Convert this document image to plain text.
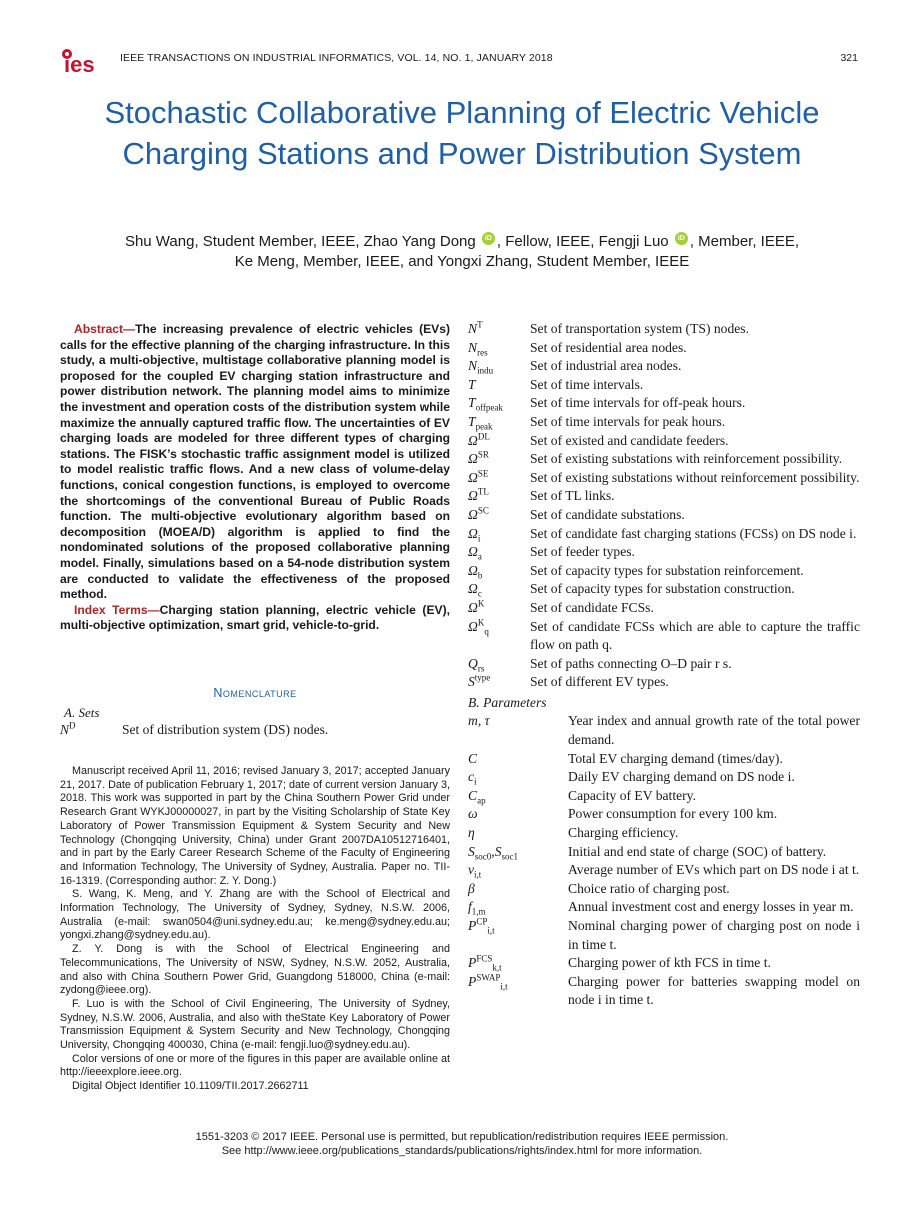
ies IEEE TRANSACTIONS ON INDUSTRIAL INFORMATICS, VOL. 14, NO. 1, JANUARY 2018	321
Stochastic Collaborative Planning of Electric Vehicle Charging Stations and Power Distribution System
Shu Wang, Student Member, IEEE, Zhao Yang Dong iD , Fellow, IEEE, Fengji Luo iD , Member, IEEE,
Ke Meng, Member, IEEE, and Yongxi Zhang, Student Member, IEEE
Abstract—The increasing prevalence of electric vehicles (EVs) calls for the effective planning of the charging infrastructure. In this study, a multi-objective, multistage collaborative planning model is proposed for the coupled EV charging station infrastructure and power distribution network. The planning model aims to minimize the investment and operation costs of the distribution system while maximize the annually captured traffic flow. The uncertainties of EV charging loads are modeled for three different types of charging stations. The FISK’s stochastic traffic assignment model is utilized to model realistic traffic flows. And a new class of volume-delay functions, conical congestion functions, is employed to overcome the shortcomings of the conventional Bureau of Public Roads function. The multi-objective evolutionary algorithm based on decomposition (MOEA/D) algorithm is applied to find the nondominated solutions of the proposed collaborative planning model. Finally, simulations based on a 54-node distribution system are conducted to validate the effectiveness of the proposed method.
Index Terms—Charging station planning, electric vehicle (EV), multi-objective optimization, smart grid, vehicle-to-grid.
Nomenclature
A. Sets
$N^D$	Set of distribution system (DS) nodes.

Manuscript received April 11, 2016; revised January 3, 2017; accepted January 21, 2017. Date of publication February 1, 2017; date of current version January 3, 2018. This work was supported in part by the China Southern Power Grid under Research Grant WYKJ00000027, in part by the Visiting Scholarship of State Key Laboratory of Power Transmission Equipment & System Security and New Technology (Chongqing University, China) under Grant 2007DA10512716401, and in part by the Early Career Research Scheme of the Faculty of Engineering and Information Technology, The University of Sydney, Australia. Paper no. TII-16-1319. (Corresponding author: Z. Y. Dong.)

S. Wang, K. Meng, and Y. Zhang are with the School of Electrical and Information Technology, The University of Sydney, Sydney, N.S.W. 2006, Australia (e-mail: swan0504@uni.sydney.edu.au; ke.meng@sydney.edu.au; yongxi.zhang@sydney.edu.au).

Z. Y. Dong is with the School of Electrical Engineering and Telecommunications, The University of NSW, Sydney, N.S.W. 2052, Australia, and also with China Southern Power Grid, Guangdong 518000, China (e-mail: zydong@ieee.org).

F. Luo is with the School of Civil Engineering, The University of Sydney, Sydney, N.S.W. 2006, Australia, and also with theState Key Laboratory of Power Transmission Equipment & System Security and New Technology, Chongqing University, Chongqing 400030, China (e-mail: fengji.luo@sydney.edu.au).

Color versions of one or more of the figures in this paper are available online at http://ieeexplore.ieee.org.

Digital Object Identifier 10.1109/TII.2017.2662711

$N^T$	Set of transportation system (TS) nodes.
$N_{res}$	Set of residential area nodes.
$N_{indu}$	Set of industrial area nodes.
T	Set of time intervals.
$T_{offpeak}$	Set of time intervals for off-peak hours.
$T_{peak}$	Set of time intervals for peak hours.
$\Omega^{DL}$	Set of existed and candidate feeders.
$\Omega^{SR}$	Set of existing substations with reinforcement possibility.
$\Omega^{SE}$	Set of existing substations without reinforcement possibility.
$\Omega^{TL}$	Set of TL links.
$\Omega^{SC}$	Set of candidate substations.
$\Omega_i$	Set of candidate fast charging stations (FCSs) on DS node i.
$\Omega_a$	Set of feeder types.
$\Omega_b$	Set of capacity types for substation reinforcement.
$\Omega_c$	Set of capacity types for substation construction.
$\Omega^K$	Set of candidate FCSs.
$\Omega^K_q$	Set of candidate FCSs which are able to capture the traffic flow on path q.
$Q_{rs}$	Set of paths connecting O–D pair r s.
$S^{type}$	Set of different EV types.
B. Parameters
m, τ	Year index and annual growth rate of the total power demand.
C	Total EV charging demand (times/day).
$c_i$	Daily EV charging demand on DS node i.
$C_{ap}$	Capacity of EV battery.
ω	Power consumption for every 100 km.
η	Charging efficiency.
$S_{soc0},S_{soc1}$	Initial and end state of charge (SOC) of battery.
$v_{i,t}$	Average number of EVs which part on DS node i at t.
β	Choice ratio of charging post.
$f_{1,m}$	Annual investment cost and energy losses in year m.
$P^{CP}_{i,t}$	Nominal charging power of charging post on node i in time t.
$P^{FCS}_{k,t}$	Charging power of kth FCS in time t.
$P^{SWAP}_{i,t}$	Charging power for batteries swapping model on node i in time t.
1551-3203 © 2017 IEEE. Personal use is permitted, but republication/redistribution requires IEEE permission.
See http://www.ieee.org/publications_standards/publications/rights/index.html for more information.
